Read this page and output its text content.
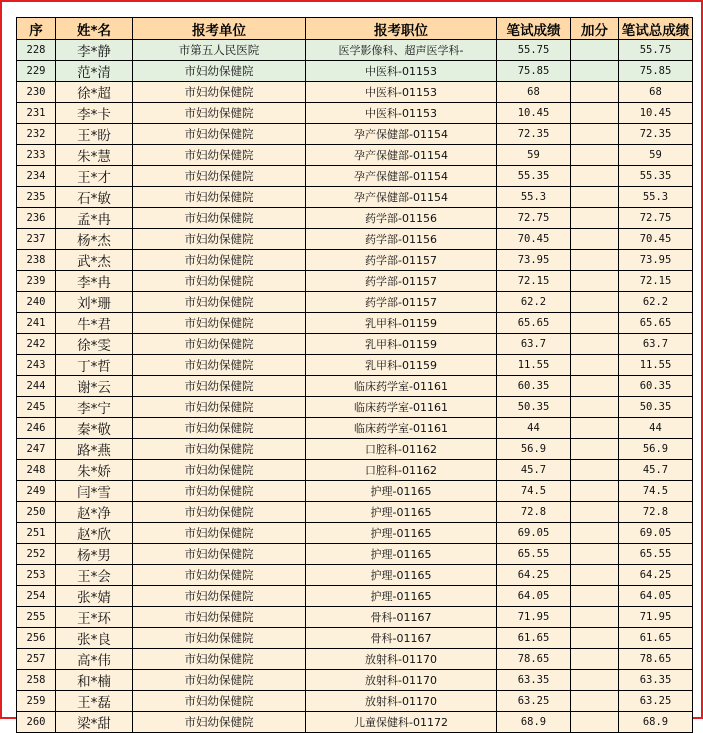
序	姓*名	报考单位	报考职位	笔试成绩	加分	笔试总成绩
228	李*静	市第五人民医院	医学影像科、超声医学科-	55.75		55.75
229	范*清	市妇幼保健院	中医科-01153	75.85		75.85
230	徐*超	市妇幼保健院	中医科-01153	68		68
231	李*卡	市妇幼保健院	中医科-01153	10.45		10.45
232	王*盼	市妇幼保健院	孕产保健部-01154	72.35		72.35
233	朱*慧	市妇幼保健院	孕产保健部-01154	59		59
234	王*才	市妇幼保健院	孕产保健部-01154	55.35		55.35
235	石*敏	市妇幼保健院	孕产保健部-01154	55.3		55.3
236	孟*冉	市妇幼保健院	药学部-01156	72.75		72.75
237	杨*杰	市妇幼保健院	药学部-01156	70.45		70.45
238	武*杰	市妇幼保健院	药学部-01157	73.95		73.95
239	李*冉	市妇幼保健院	药学部-01157	72.15		72.15
240	刘*珊	市妇幼保健院	药学部-01157	62.2		62.2
241	牛*君	市妇幼保健院	乳甲科-01159	65.65		65.65
242	徐*雯	市妇幼保健院	乳甲科-01159	63.7		63.7
243	丁*哲	市妇幼保健院	乳甲科-01159	11.55		11.55
244	谢*云	市妇幼保健院	临床药学室-01161	60.35		60.35
245	李*宁	市妇幼保健院	临床药学室-01161	50.35		50.35
246	秦*敬	市妇幼保健院	临床药学室-01161	44		44
247	路*燕	市妇幼保健院	口腔科-01162	56.9		56.9
248	朱*娇	市妇幼保健院	口腔科-01162	45.7		45.7
249	闫*雪	市妇幼保健院	护理-01165	74.5		74.5
250	赵*净	市妇幼保健院	护理-01165	72.8		72.8
251	赵*欣	市妇幼保健院	护理-01165	69.05		69.05
252	杨*男	市妇幼保健院	护理-01165	65.55		65.55
253	王*会	市妇幼保健院	护理-01165	64.25		64.25
254	张*婧	市妇幼保健院	护理-01165	64.05		64.05
255	王*环	市妇幼保健院	骨科-01167	71.95		71.95
256	张*良	市妇幼保健院	骨科-01167	61.65		61.65
257	高*伟	市妇幼保健院	放射科-01170	78.65		78.65
258	和*楠	市妇幼保健院	放射科-01170	63.35		63.35
259	王*磊	市妇幼保健院	放射科-01170	63.25		63.25
260	梁*甜	市妇幼保健院	儿童保健科-01172	68.9		68.9
